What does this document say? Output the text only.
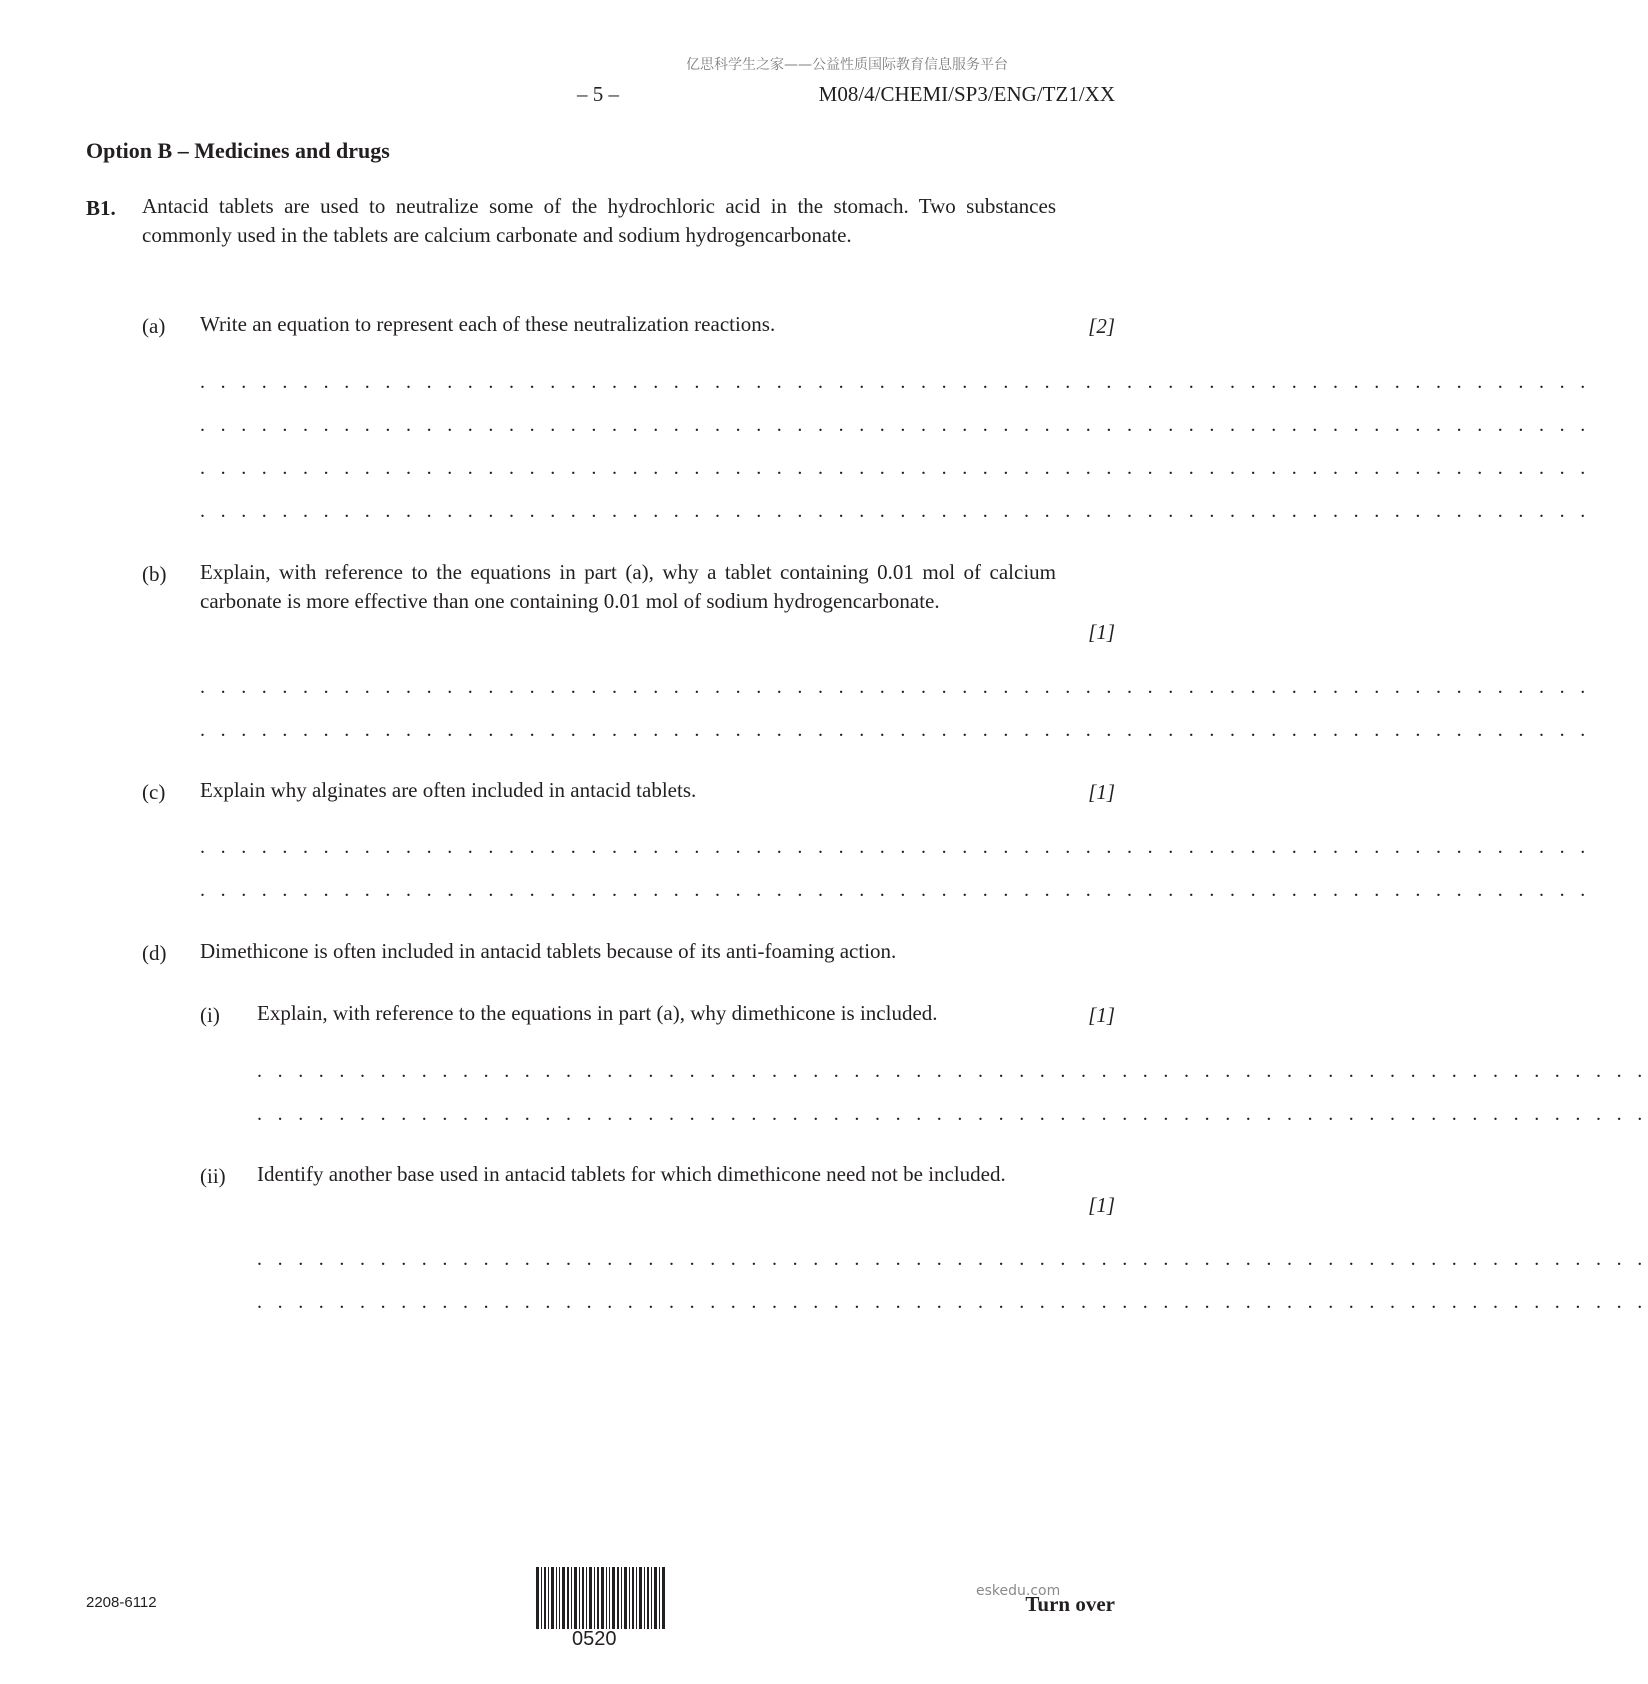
亿思科学生之家——公益性质国际教育信息服务平台
– 5 –	M08/4/CHEMI/SP3/ENG/TZ1/XX
Option B – Medicines and drugs
B1. Antacid tablets are used to neutralize some of the hydrochloric acid in the stomach. Two substances commonly used in the tablets are calcium carbonate and sodium hydrogencarbonate.
(a) Write an equation to represent each of these neutralization reactions.	[2]
. . . . . . . . . . . . . . . . . . . . . . . . . . . . . . . . . . . . . . . . . . . . . . . . . . . . . . . . . . . . . . . . . . . .
. . . . . . . . . . . . . . . . . . . . . . . . . . . . . . . . . . . . . . . . . . . . . . . . . . . . . . . . . . . . . . . . . . . .
. . . . . . . . . . . . . . . . . . . . . . . . . . . . . . . . . . . . . . . . . . . . . . . . . . . . . . . . . . . . . . . . . . . .
. . . . . . . . . . . . . . . . . . . . . . . . . . . . . . . . . . . . . . . . . . . . . . . . . . . . . . . . . . . . . . . . . . . .
(b) Explain, with reference to the equations in part (a), why a tablet containing 0.01 mol of calcium carbonate is more effective than one containing 0.01 mol of sodium hydrogencarbonate.
[1]
. . . . . . . . . . . . . . . . . . . . . . . . . . . . . . . . . . . . . . . . . . . . . . . . . . . . . . . . . . . . . . . . . . . .
. . . . . . . . . . . . . . . . . . . . . . . . . . . . . . . . . . . . . . . . . . . . . . . . . . . . . . . . . . . . . . . . . . . .
(c) Explain why alginates are often included in antacid tablets.	[1]
. . . . . . . . . . . . . . . . . . . . . . . . . . . . . . . . . . . . . . . . . . . . . . . . . . . . . . . . . . . . . . . . . . . .
. . . . . . . . . . . . . . . . . . . . . . . . . . . . . . . . . . . . . . . . . . . . . . . . . . . . . . . . . . . . . . . . . . . .
(d) Dimethicone is often included in antacid tablets because of its anti-foaming action.
(i) Explain, with reference to the equations in part (a), why dimethicone is included.	[1]
. . . . . . . . . . . . . . . . . . . . . . . . . . . . . . . . . . . . . . . . . . . . . . . . . . . . . . . . . . . . . . . . . . . .
. . . . . . . . . . . . . . . . . . . . . . . . . . . . . . . . . . . . . . . . . . . . . . . . . . . . . . . . . . . . . . . . . . . .
(ii) Identify another base used in antacid tablets for which dimethicone need not be included.
[1]
. . . . . . . . . . . . . . . . . . . . . . . . . . . . . . . . . . . . . . . . . . . . . . . . . . . . . . . . . . . . . . . . . . . .
. . . . . . . . . . . . . . . . . . . . . . . . . . . . . . . . . . . . . . . . . . . . . . . . . . . . . . . . . . . . . . . . . . . .
2208-6112
0520
Turn over
eskedu.com
